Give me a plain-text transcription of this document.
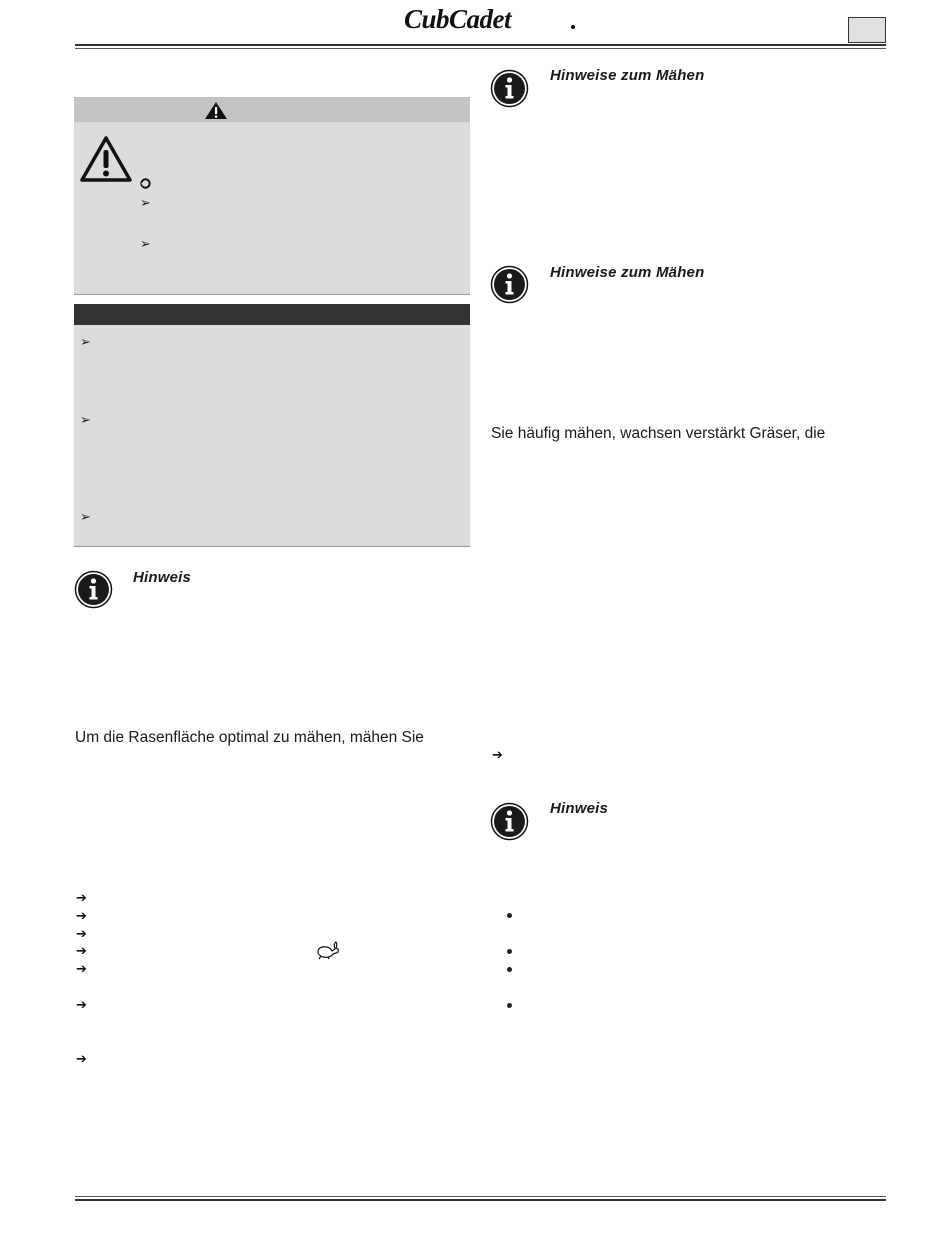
CubCadet
➢
➢
➢
➢
➢
Hinweis
Um die Rasenfläche optimal zu mähen, mähen Sie
➔
➔
➔
➔
➔
➔
➔
Hinweise zum Mähen
Hinweise zum Mähen
Sie häufig mähen, wachsen verstärkt Gräser, die
➔
Hinweis
